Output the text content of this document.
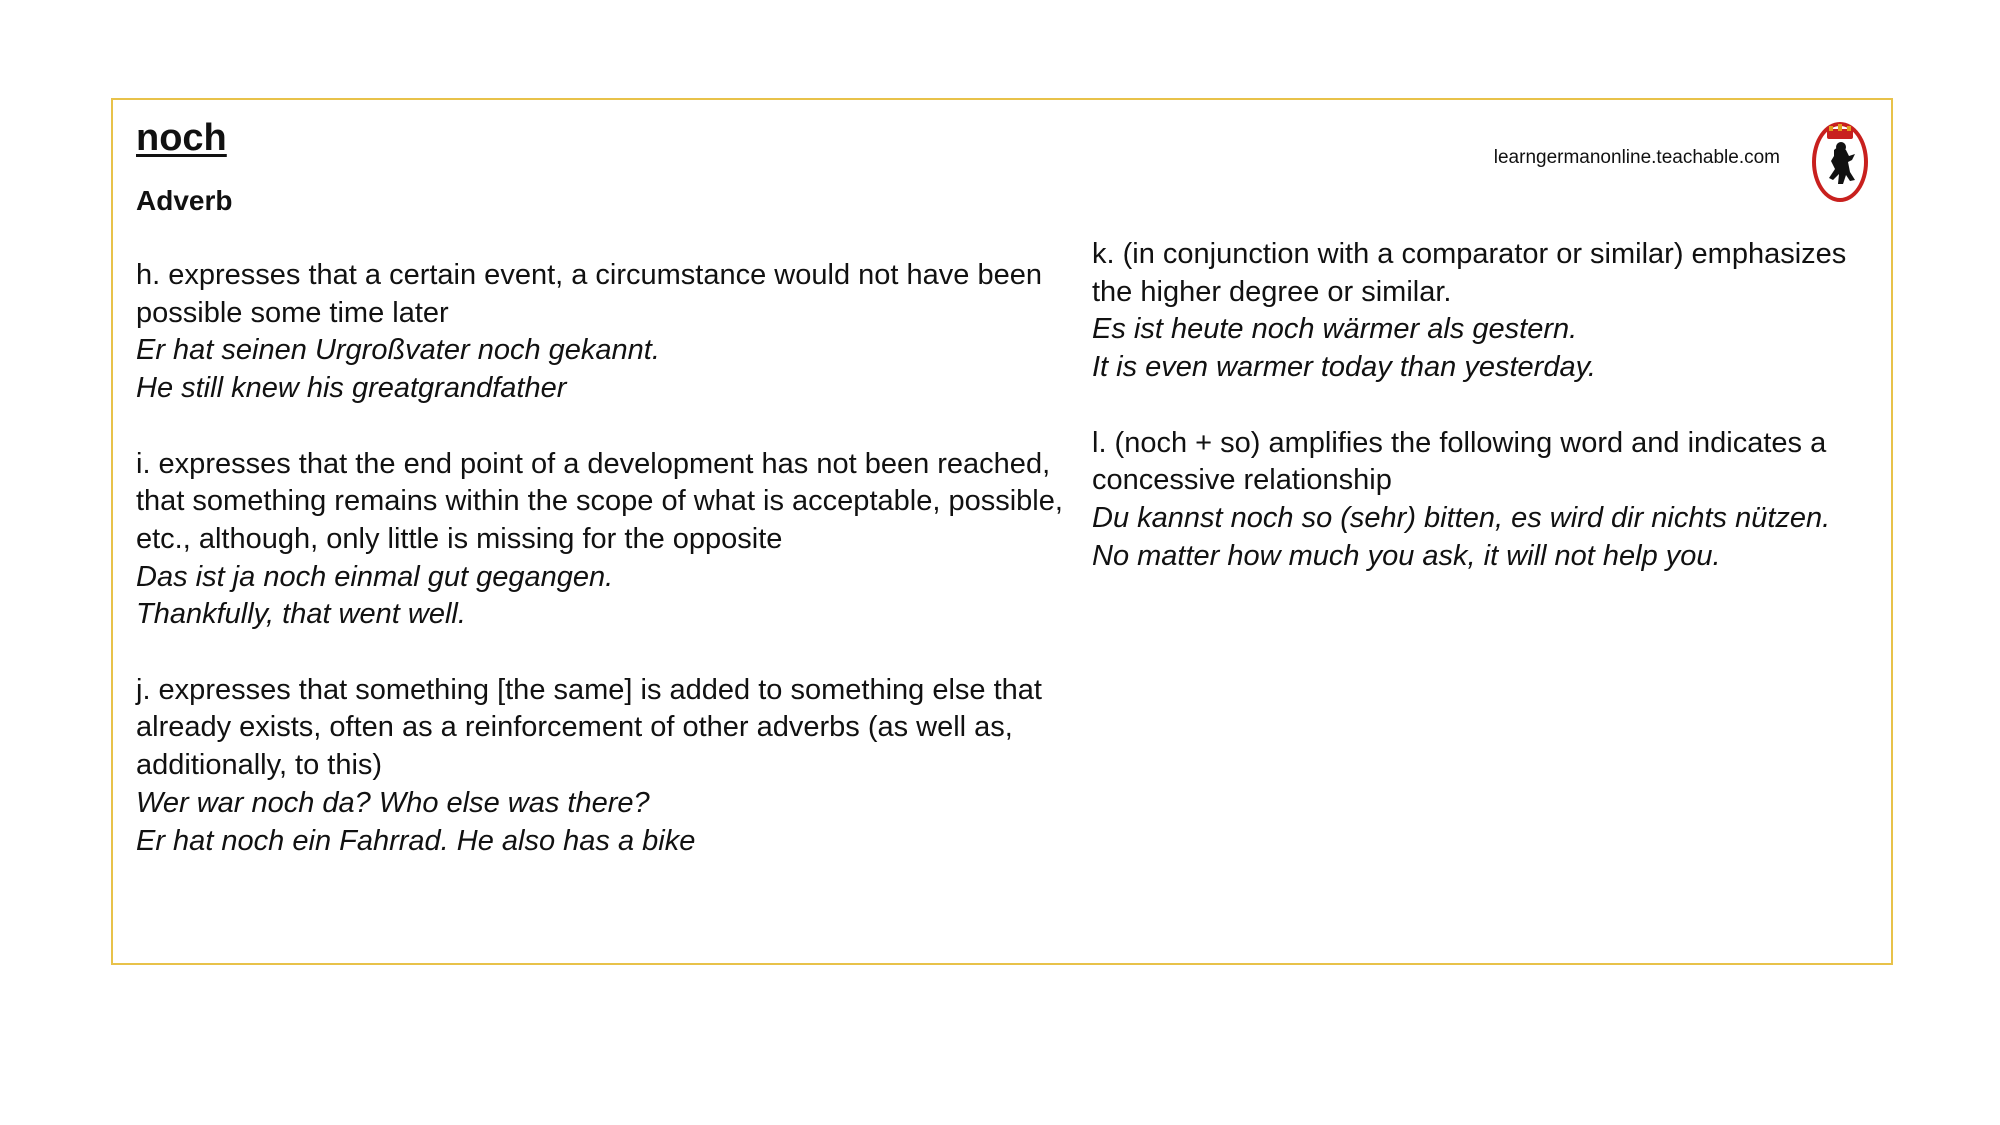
noch
Adverb
learngermanonline.teachable.com

h. expresses that a certain event, a circumstance would not have been possible some time later

Er hat seinen Urgroßvater noch gekannt.

He still knew his greatgrandfather

i. expresses that the end point of a development has not been reached, that something remains within the scope of what is acceptable, possible, etc., although, only little is missing for the opposite

Das ist ja noch einmal gut gegangen.

Thankfully, that went well.

j. expresses that something [the same] is added to something else that already exists, often as a reinforcement of other adverbs (as well as, additionally, to this)

Wer war noch da? Who else was there?

Er hat noch ein Fahrrad. He also has a bike

k. (in conjunction with a comparator or similar) emphasizes the higher degree or similar.

Es ist heute noch wärmer als gestern.

It is even warmer today than yesterday.

l. (noch + so) amplifies the following word and indicates a concessive relationship

Du kannst noch so (sehr) bitten, es wird dir nichts nützen.

No matter how much you ask, it will not help you.
